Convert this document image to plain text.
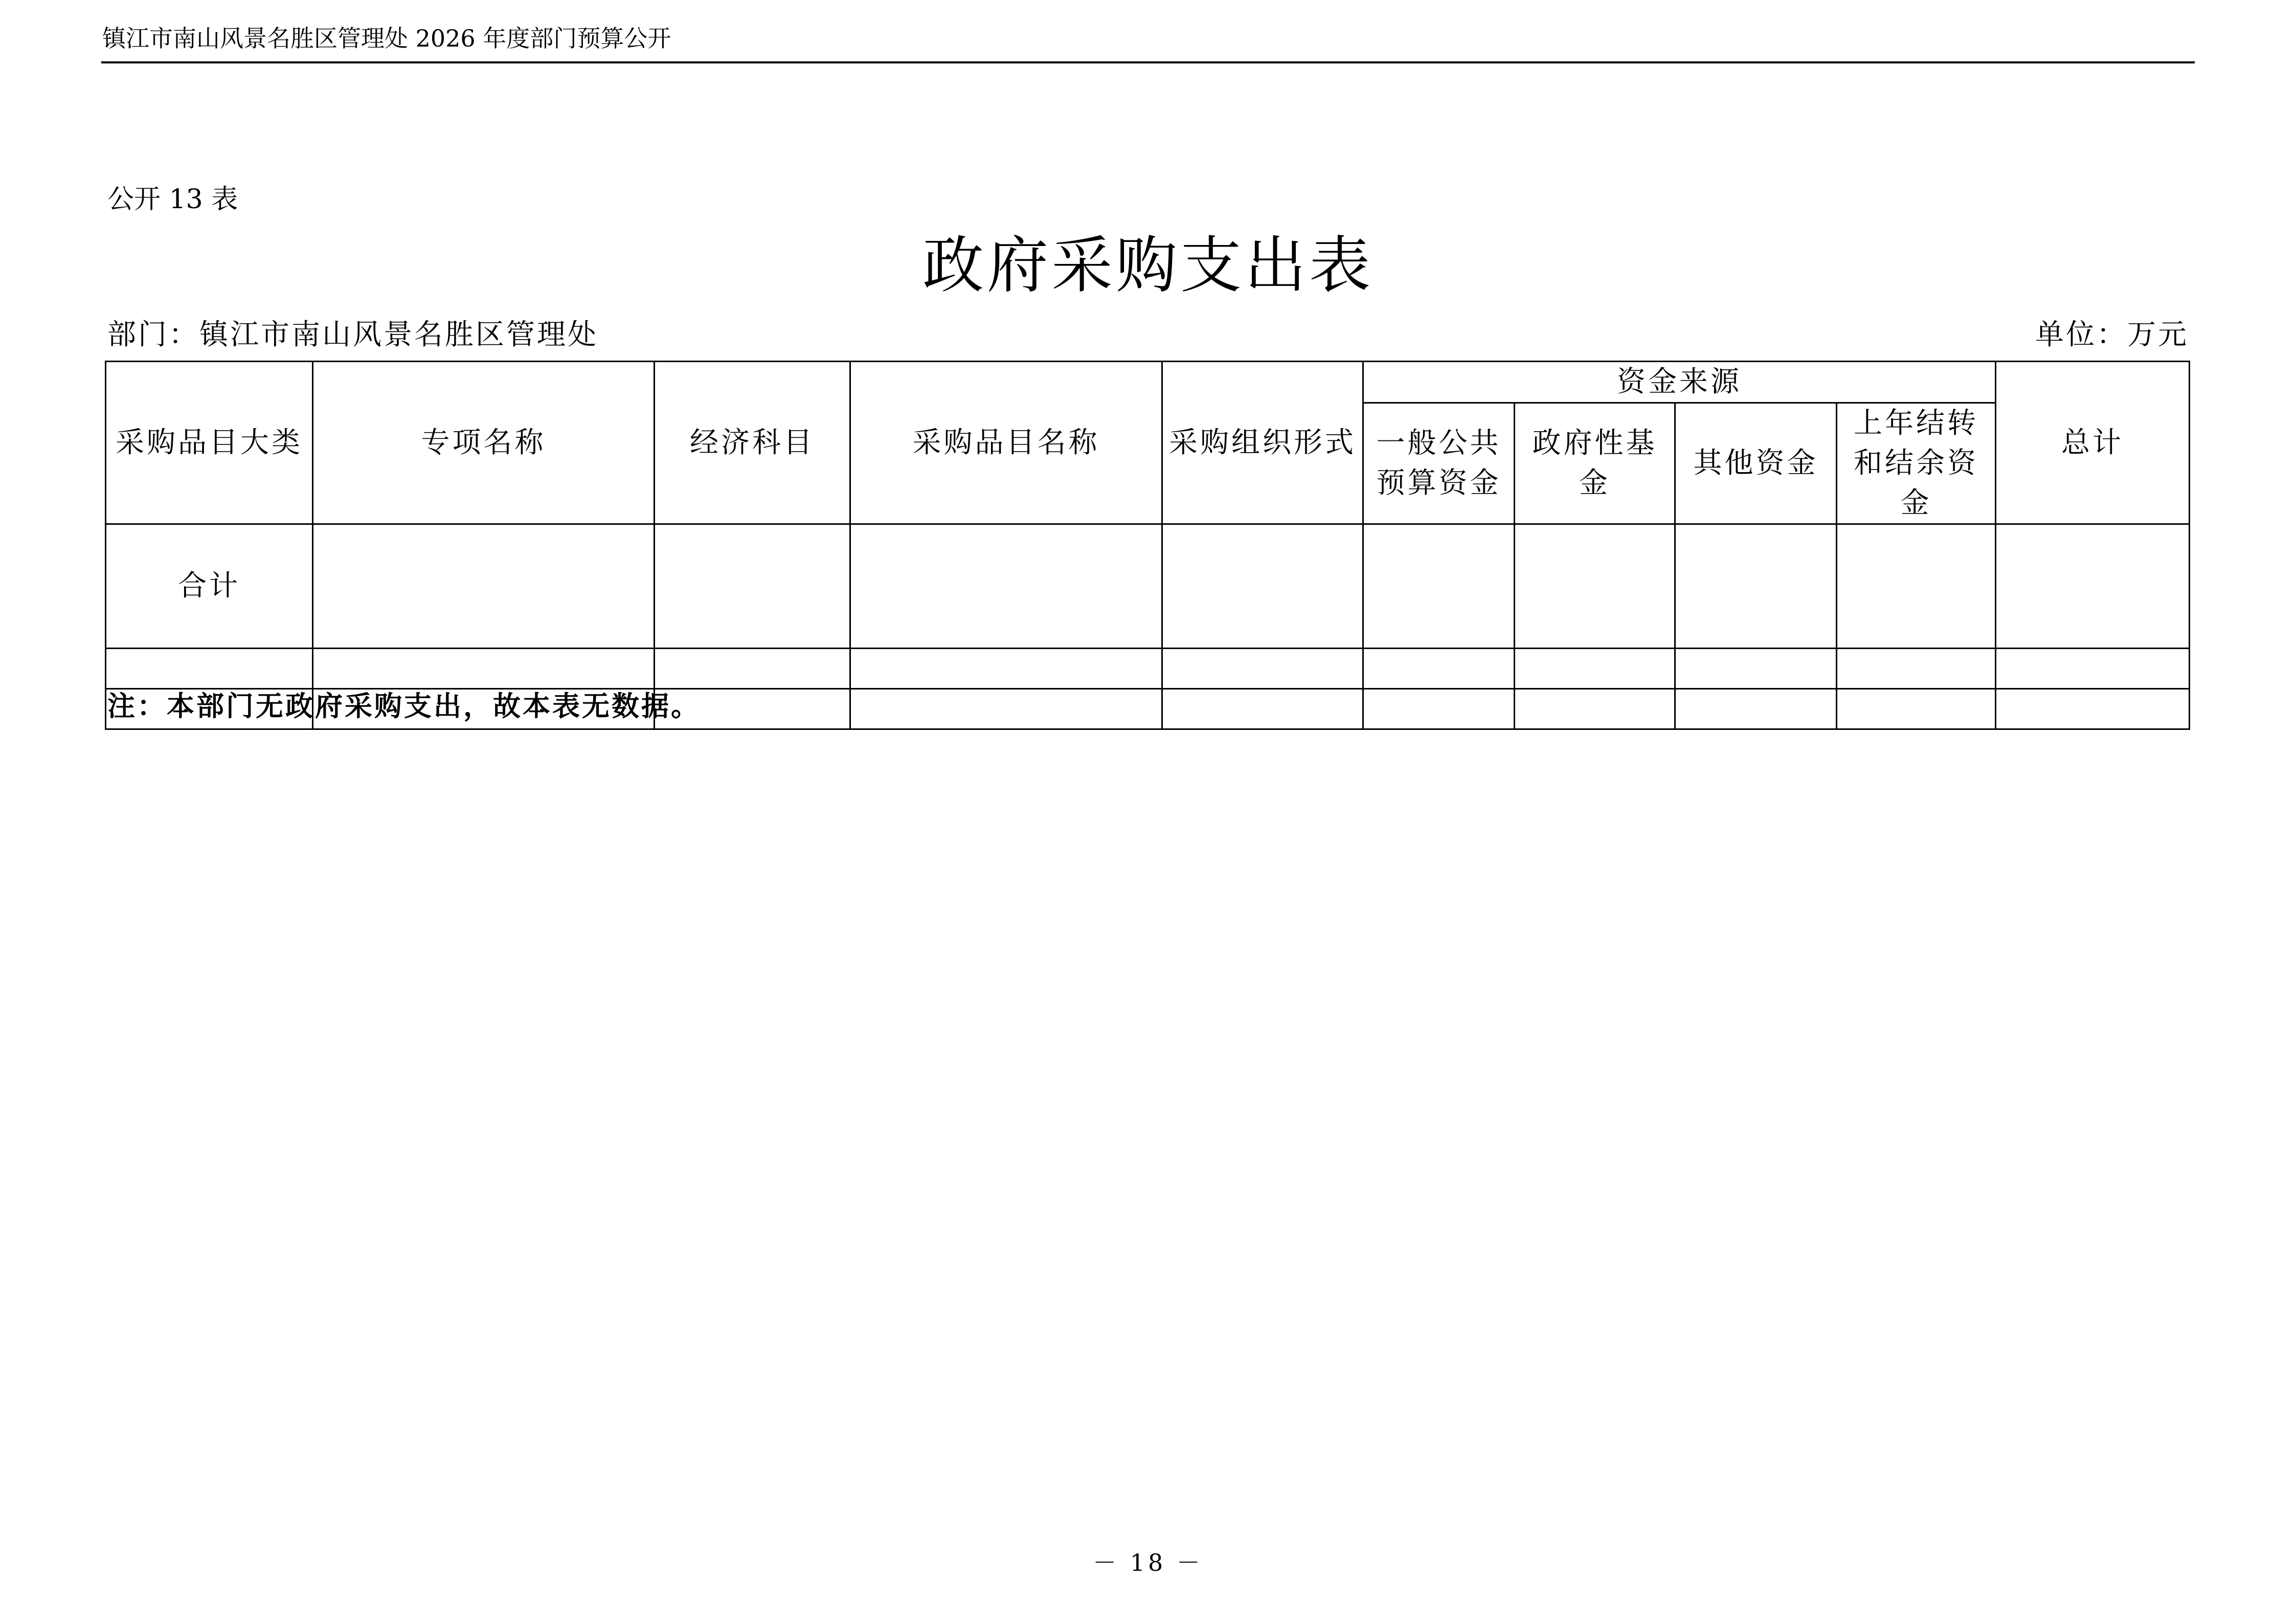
镇江市南山风景名胜区管理处 2026 年度部门预算公开
公开 13 表
政府采购支出表
部门：镇江市南山风景名胜区管理处	单位：万元
采购品目大类	专项名称	经济科目	采购品目名称	采购组织形式	资金来源				总计
					一般公共预算资金	政府性基金	其他资金	上年结转和结余资金	
合计									

注：本部门无政府采购支出，故本表无数据。
－ 18 －
